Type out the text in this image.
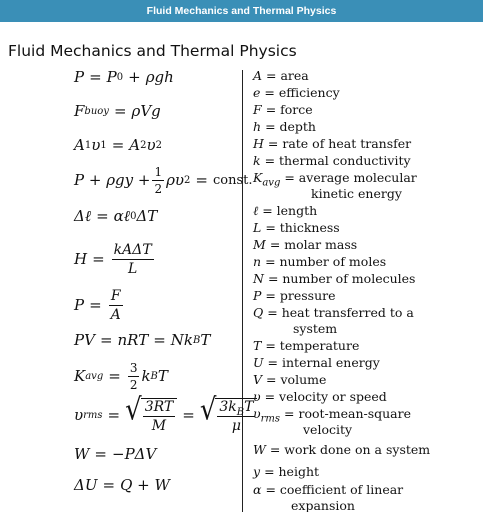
Fluid Mechanics and Thermal Physics
Fluid Mechanics and Thermal Physics
P = P 0 + ρgh
F buoy = ρVg
A 1 υ 1 = A 2 υ 2
$P + \rho gy + \frac{1}{2}$ ρυ 2 = const.
Δℓ = αℓ 0 ΔT
$H = \frac{\text{kAΔT}}{L}$
$P = \frac{F}{A}$
PV = nRT = Nk B T
K avg = $\frac{3}{2}$ k B T
υ rms = √ $\frac{3RT}{M}$ = √ $\frac{3k_BT}{\mu}$
W = −PΔV
ΔU = Q + W
A = area
e = efficiency
F = force
h = depth
H = rate of heat transfer
k = thermal conductivity
$K_{avg}$ = average molecular
kinetic energy
ℓ = length
L = thickness
M = molar mass
n = number of moles
N = number of molecules
P = pressure
Q = heat transferred to a
system
T = temperature
U = internal energy
V = volume
υ = velocity or speed
$\upsilon_{rms}$ = root-mean-square
velocity
W = work done on a system
y = height
α = coefficient of linear
expansion
